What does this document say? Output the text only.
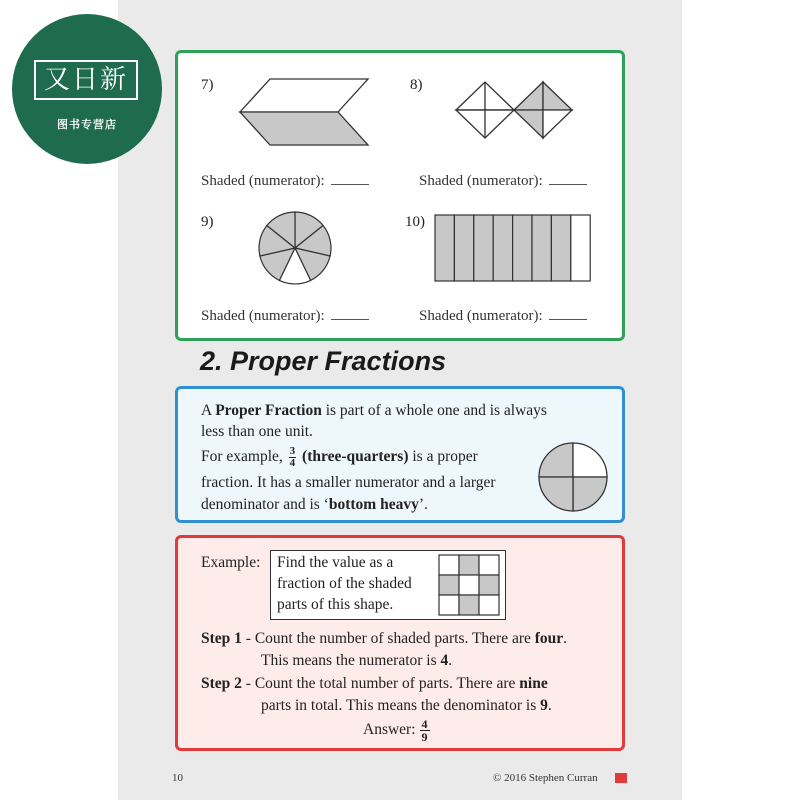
又日新
图书专营店
7)
Shaded (numerator):
8)
Shaded (numerator):
9)
Shaded (numerator):
10)
Shaded (numerator):
2. Proper Fractions
A Proper Fraction is part of a whole one and is always
less than one unit.
For example, $\frac{3}{4}$ (three-quarters) is a proper
fraction. It has a smaller numerator and a larger
denominator and is ‘bottom heavy’.
Example: Find the value as a
fraction of the shaded
parts of this shape.
Step 1 - Count the number of shaded parts. There are four.
This means the numerator is 4.
Step 2 - Count the total number of parts. There are nine
parts in total. This means the denominator is 9.
Answer: $\frac{4}{9}$
10	© 2016 Stephen Curran
